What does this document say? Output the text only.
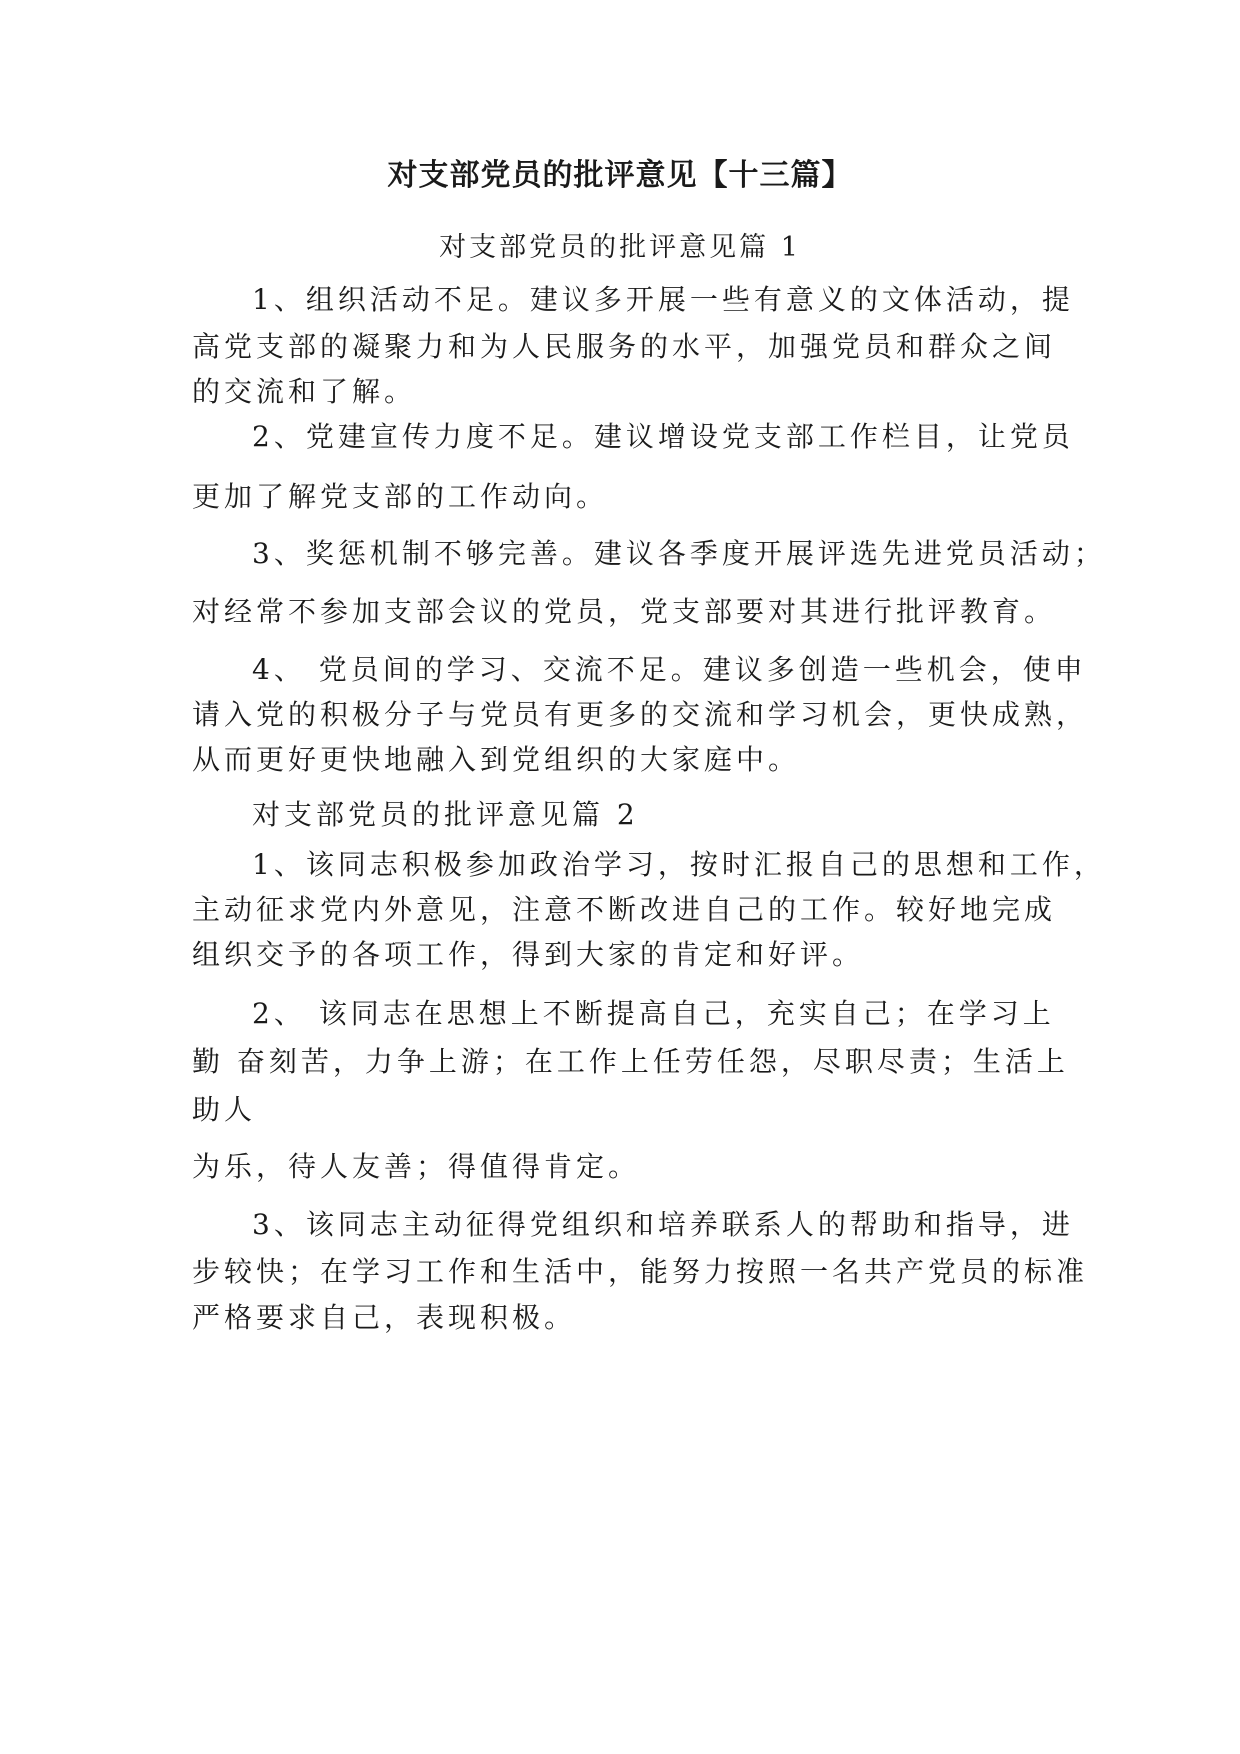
对支部党员的批评意见【十三篇】
对支部党员的批评意见篇 1
1、组织活动不足。建议多开展一些有意义的文体活动，提
高党支部的凝聚力和为人民服务的水平，加强党员和群众之间
的交流和了解。
2、党建宣传力度不足。建议增设党支部工作栏目，让党员
更加了解党支部的工作动向。
3、奖惩机制不够完善。建议各季度开展评选先进党员活动；
对经常不参加支部会议的党员，党支部要对其进行批评教育。
4、 党员间的学习、交流不足。建议多创造一些机会，使申
请入党的积极分子与党员有更多的交流和学习机会，更快成熟，
从而更好更快地融入到党组织的大家庭中。
对支部党员的批评意见篇 2
1、该同志积极参加政治学习，按时汇报自己的思想和工作，
主动征求党内外意见，注意不断改进自己的工作。较好地完成
组织交予的各项工作，得到大家的肯定和好评。
2、 该同志在思想上不断提高自己，充实自己；在学习上
勤 奋刻苦，力争上游；在工作上任劳任怨，尽职尽责；生活上
助人
为乐，待人友善；得值得肯定。
3、该同志主动征得党组织和培养联系人的帮助和指导，进
步较快；在学习工作和生活中，能努力按照一名共产党员的标准
严格要求自己，表现积极。
